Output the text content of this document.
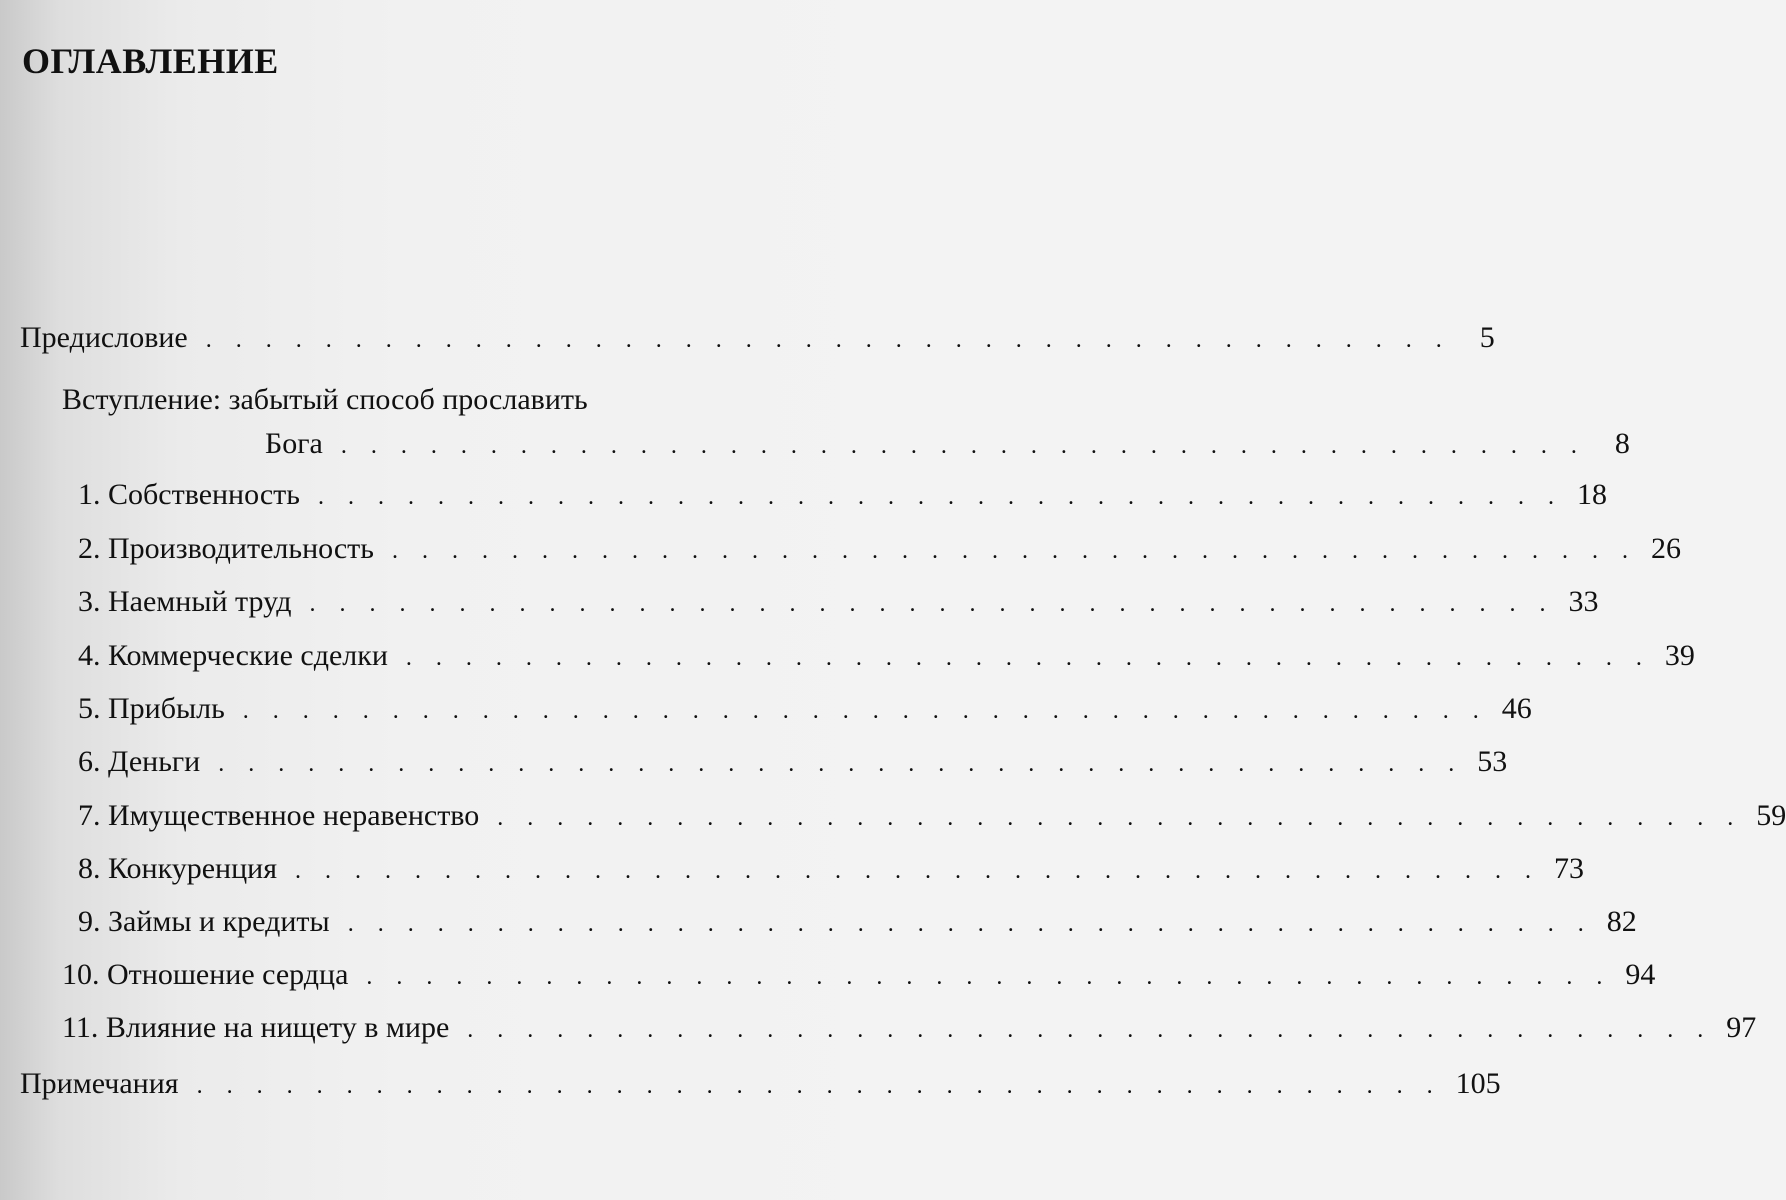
ОГЛАВЛЕНИЕ
Предисловие . . . . . . . . . . . . . . . . . . . . . . . . . . . . . . . . . . . . . . . . . . 5
Вступление: забытый способ прославить
Бога . . . . . . . . . . . . . . . . . . . . . . . . . . . . . . . . . . . . . . . . . . 8
1. Собственность . . . . . . . . . . . . . . . . . . . . . . . . . . . . . . . . . . . . . . . . . . 18
2. Производительность . . . . . . . . . . . . . . . . . . . . . . . . . . . . . . . . . . . . . . . . . . 26
3. Наемный труд . . . . . . . . . . . . . . . . . . . . . . . . . . . . . . . . . . . . . . . . . . 33
4. Коммерческие сделки . . . . . . . . . . . . . . . . . . . . . . . . . . . . . . . . . . . . . . . . . . 39
5. Прибыль . . . . . . . . . . . . . . . . . . . . . . . . . . . . . . . . . . . . . . . . . . 46
6. Деньги . . . . . . . . . . . . . . . . . . . . . . . . . . . . . . . . . . . . . . . . . . 53
7. Имущественное неравенство . . . . . . . . . . . . . . . . . . . . . . . . . . . . . . . . . . . . . . . . . . 59
8. Конкуренция . . . . . . . . . . . . . . . . . . . . . . . . . . . . . . . . . . . . . . . . . . 73
9. Займы и кредиты . . . . . . . . . . . . . . . . . . . . . . . . . . . . . . . . . . . . . . . . . . 82
10. Отношение сердца . . . . . . . . . . . . . . . . . . . . . . . . . . . . . . . . . . . . . . . . . . 94
11. Влияние на нищету в мире . . . . . . . . . . . . . . . . . . . . . . . . . . . . . . . . . . . . . . . . . . 97
Примечания . . . . . . . . . . . . . . . . . . . . . . . . . . . . . . . . . . . . . . . . . . 105
